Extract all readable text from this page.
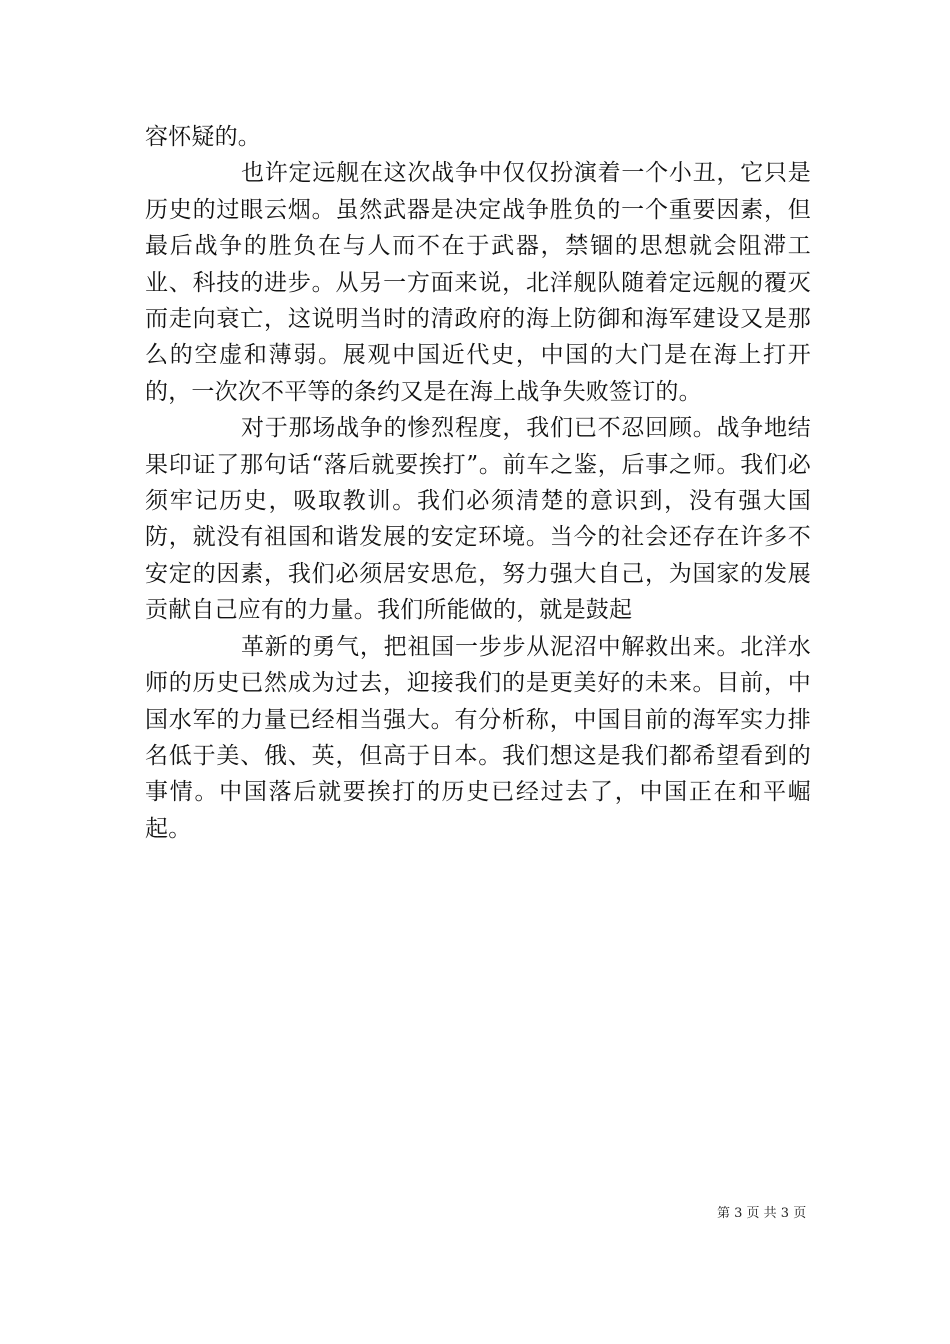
容怀疑的。

也许定远舰在这次战争中仅仅扮演着一个小丑，它只是历史的过眼云烟。虽然武器是决定战争胜负的一个重要因素，但最后战争的胜负在与人而不在于武器，禁锢的思想就会阻滞工业、科技的进步。从另一方面来说，北洋舰队随着定远舰的覆灭而走向衰亡，这说明当时的清政府的海上防御和海军建设又是那么的空虚和薄弱。展观中国近代史，中国的大门是在海上打开的，一次次不平等的条约又是在海上战争失败签订的。

对于那场战争的惨烈程度，我们已不忍回顾。战争地结果印证了那句话“落后就要挨打”。前车之鉴，后事之师。我们必须牢记历史，吸取教训。我们必须清楚的意识到，没有强大国防，就没有祖国和谐发展的安定环境。当今的社会还存在许多不安定的因素，我们必须居安思危，努力强大自己，为国家的发展贡献自己应有的力量。我们所能做的，就是鼓起

革新的勇气，把祖国一步步从泥沼中解救出来。北洋水师的历史已然成为过去，迎接我们的是更美好的未来。目前，中国水军的力量已经相当强大。有分析称，中国目前的海军实力排名低于美、俄、英，但高于日本。我们想这是我们都希望看到的事情。中国落后就要挨打的历史已经过去了，中国正在和平崛起。

第 3 页 共 3 页
